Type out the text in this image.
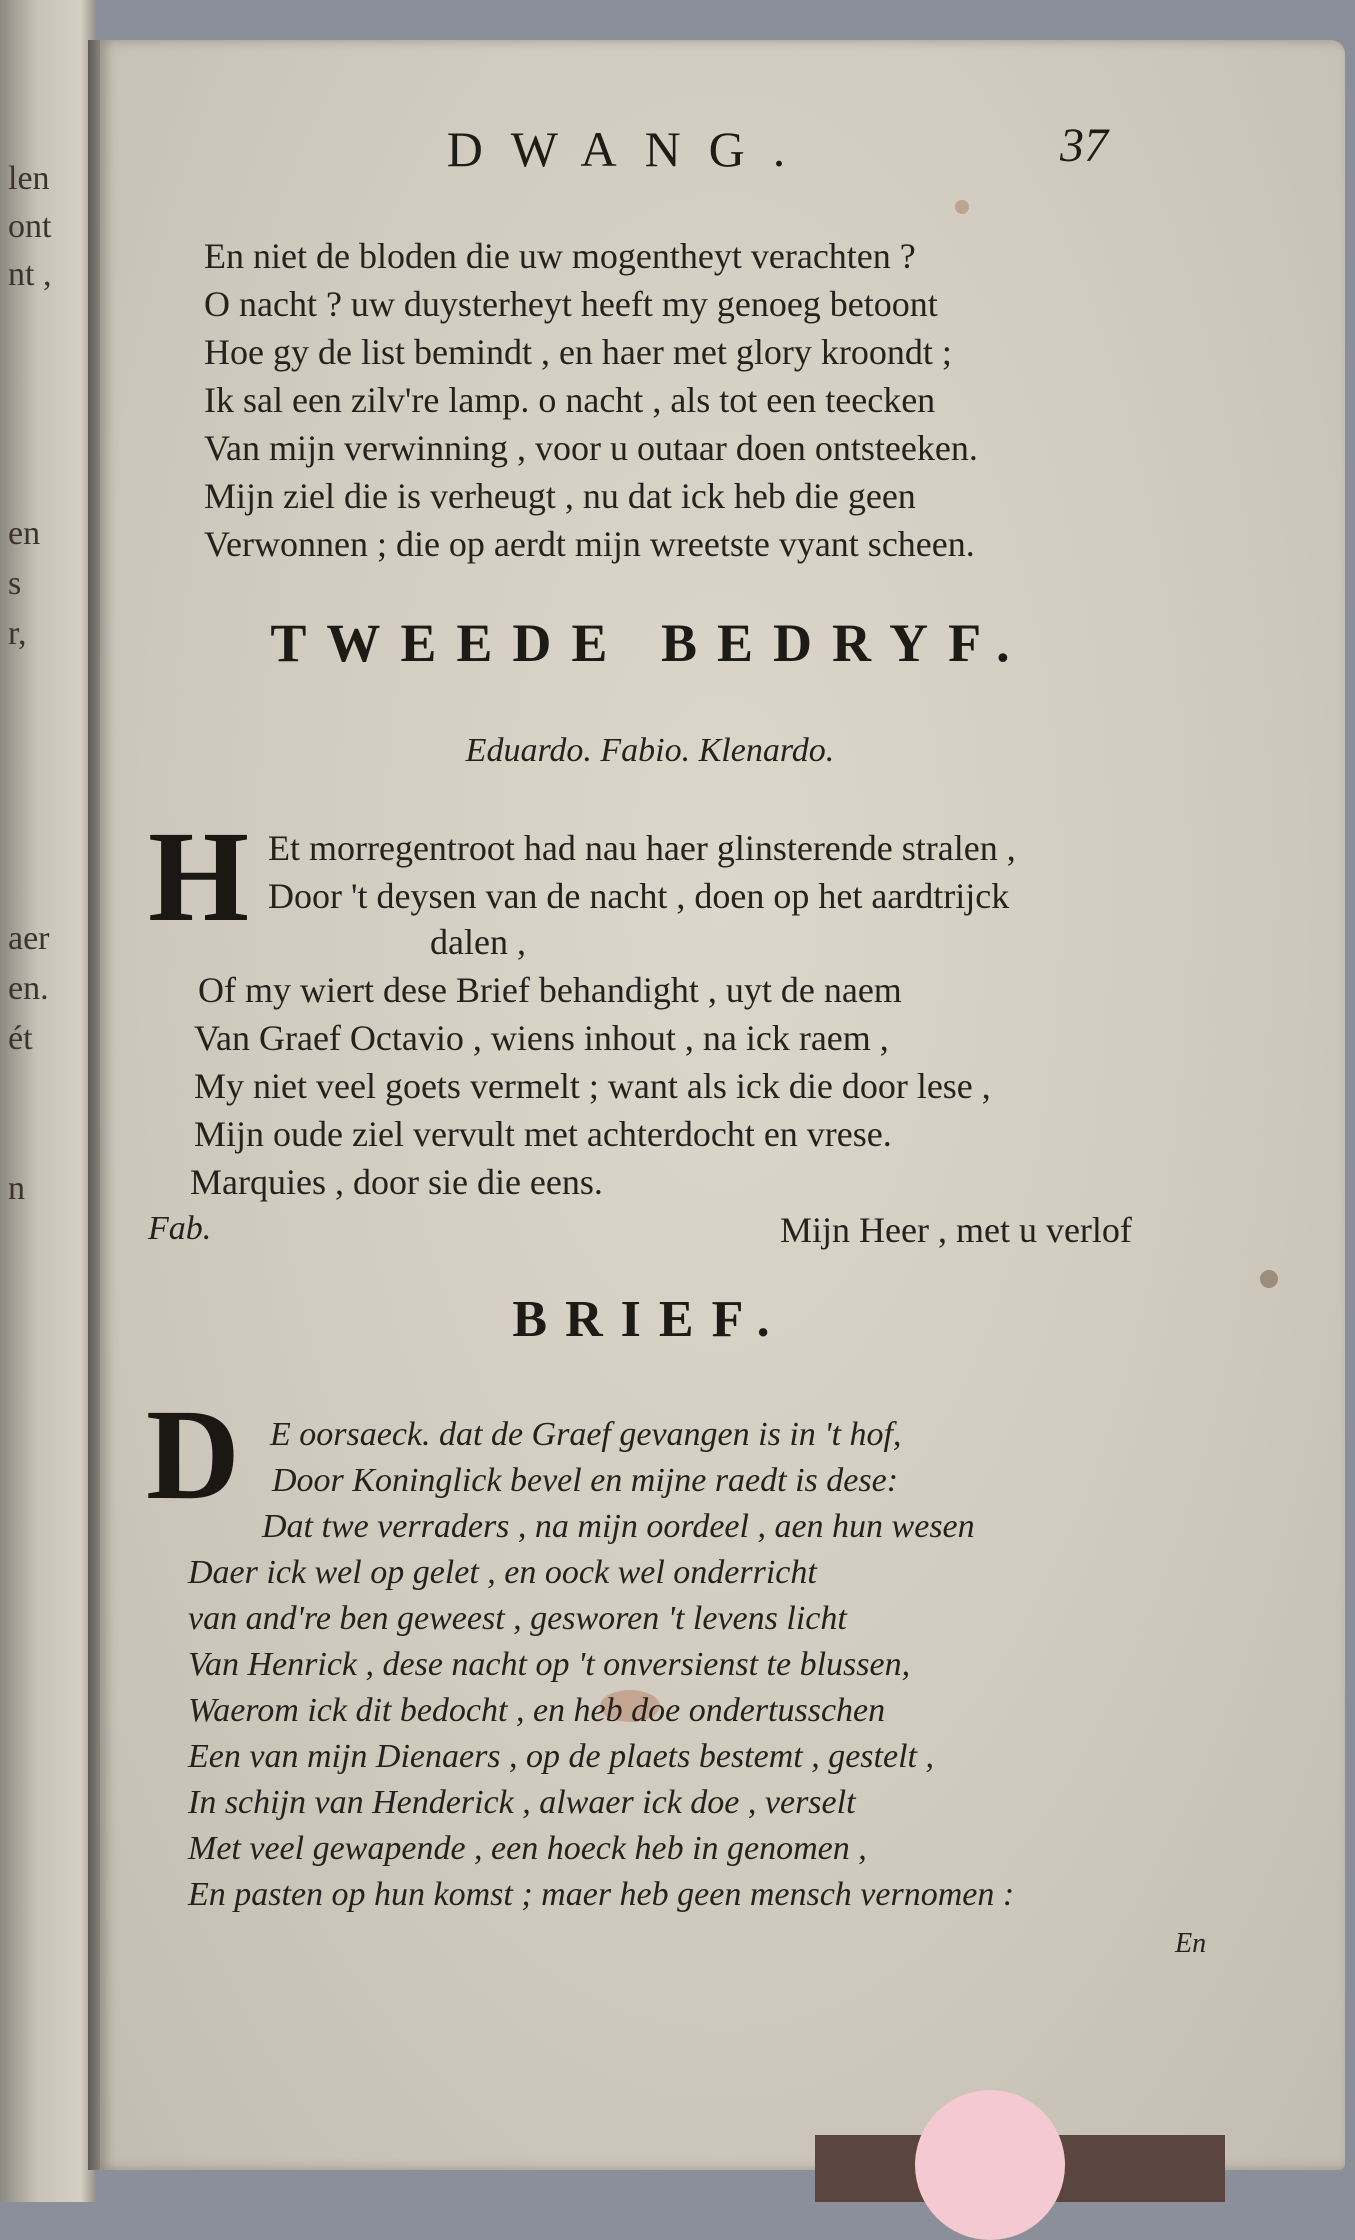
len
ont
nt ,
en
s
r,
aer
en.
ét
n
DWANG.	37
En niet de bloden die uw mogentheyt verachten ?
O nacht ? uw duysterheyt heeft my genoeg betoont
Hoe gy de list bemindt , en haer met glory kroondt ;
Ik sal een zilv're lamp. o nacht , als tot een teecken
Van mijn verwinning , voor u outaar doen ontsteeken.
Mijn ziel die is verheugt , nu dat ick heb die geen
Verwonnen ; die op aerdt mijn wreetste vyant scheen.
TWEEDE BEDRYF.
Eduardo. Fabio. Klenardo.
H Et morregentroot had nau haer glinsterende stralen ,
Door 't deysen van de nacht , doen op het aardtrijck
dalen ,
Of my wiert dese Brief behandight , uyt de naem
Van Graef Octavio , wiens inhout , na ick raem ,
My niet veel goets vermelt ; want als ick die door lese ,
Mijn oude ziel vervult met achterdocht en vrese.
Marquies , door sie die eens.
Fab.	Mijn Heer , met u verlof
BRIEF.
D E oorsaeck. dat de Graef gevangen is in 't hof,
Door Koninglick bevel en mijne raedt is dese:
Dat twe verraders , na mijn oordeel , aen hun wesen
Daer ick wel op gelet , en oock wel onderricht
van and're ben geweest , gesworen 't levens licht
Van Henrick , dese nacht op 't onversienst te blussen,
Waerom ick dit bedocht , en heb doe ondertusschen
Een van mijn Dienaers , op de plaets bestemt , gestelt ,
In schijn van Henderick , alwaer ick doe , verselt
Met veel gewapende , een hoeck heb in genomen ,
En pasten op hun komst ; maer heb geen mensch vernomen :
En
